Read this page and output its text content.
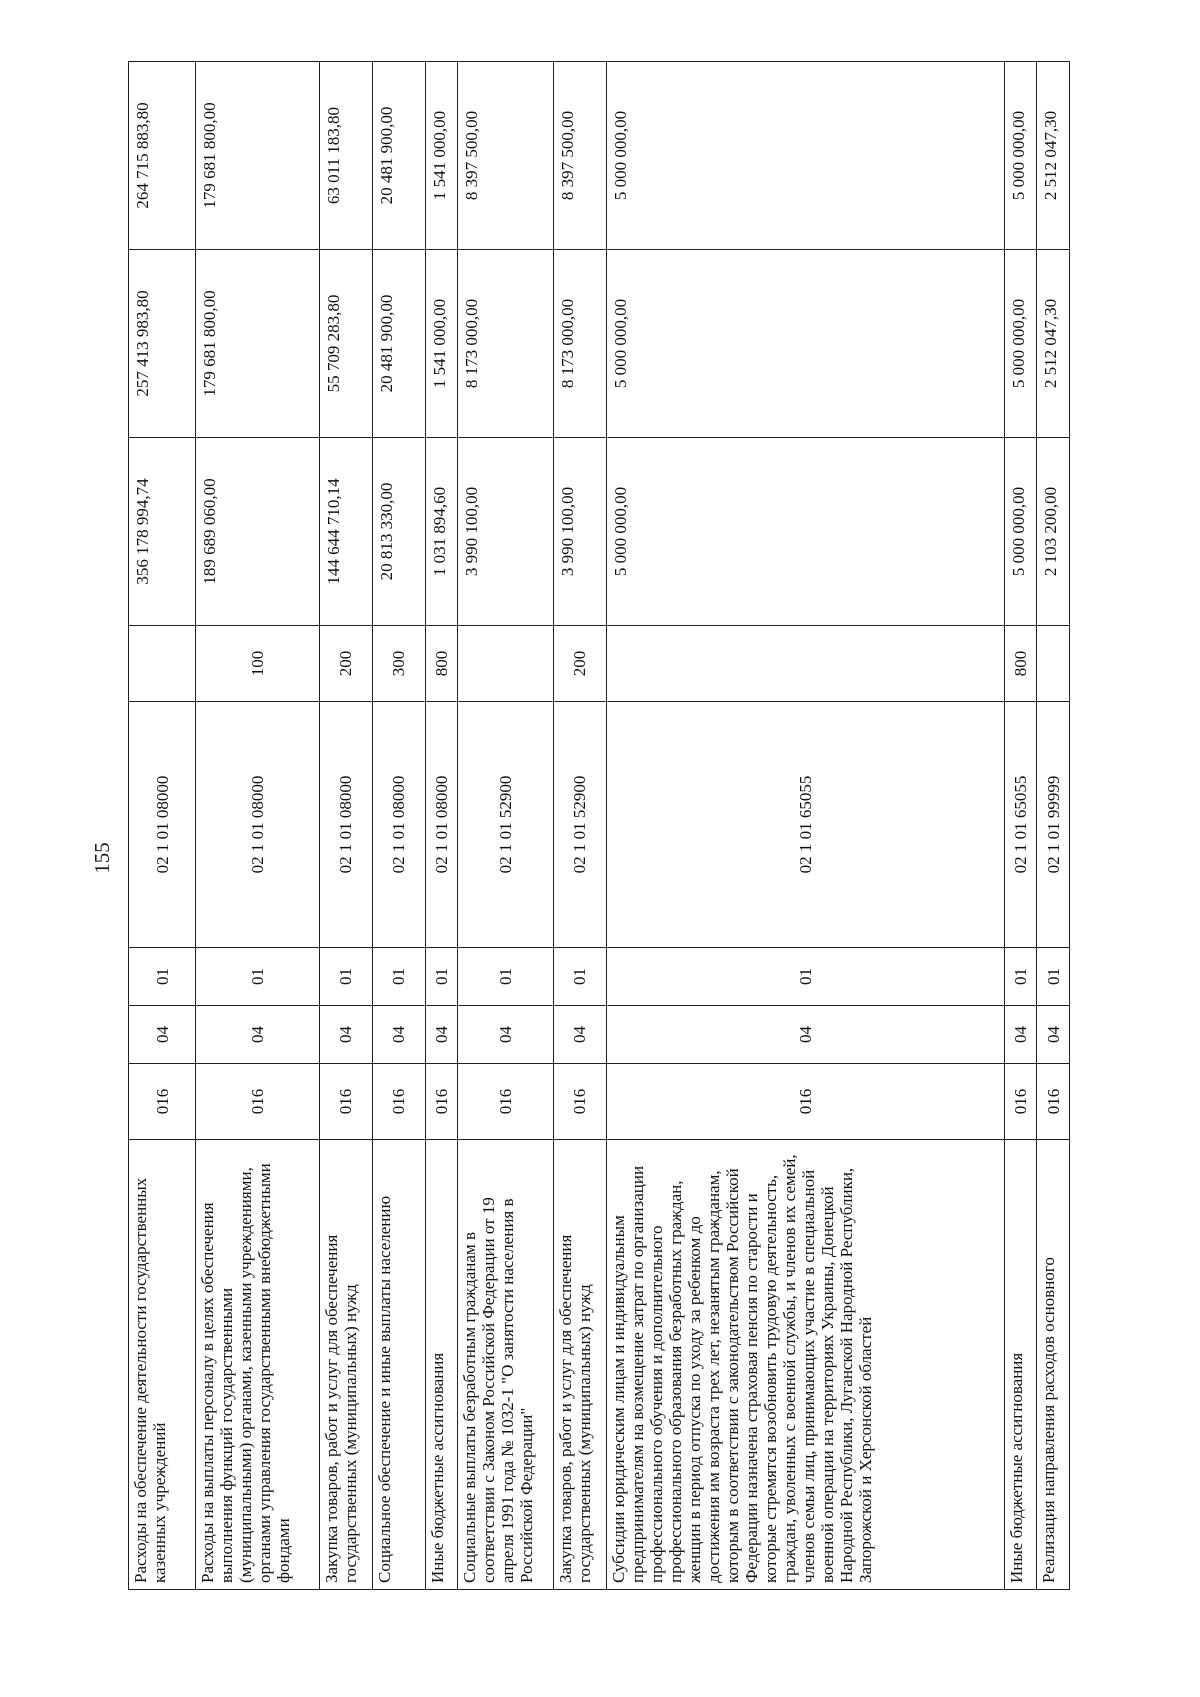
155
Расходы на обеспечение деятельности государственных казенных учреждений	016	04	01	02 1 01 08000		356 178 994,74	257 413 983,80	264 715 883,80
Расходы на выплаты персоналу в целях обеспечения выполнения функций государственными (муниципальными) органами, казенными учреждениями, органами управления государственными внебюджетными фондами	016	04	01	02 1 01 08000	100	189 689 060,00	179 681 800,00	179 681 800,00
Закупка товаров, работ и услуг для обеспечения государственных (муниципальных) нужд	016	04	01	02 1 01 08000	200	144 644 710,14	55 709 283,80	63 011 183,80
Социальное обеспечение и иные выплаты населению	016	04	01	02 1 01 08000	300	20 813 330,00	20 481 900,00	20 481 900,00
Иные бюджетные ассигнования	016	04	01	02 1 01 08000	800	1 031 894,60	1 541 000,00	1 541 000,00
Социальные выплаты безработным гражданам в соответствии с Законом Российской Федерации от 19 апреля 1991 года № 1032-1 "О занятости населения в Российской Федерации"	016	04	01	02 1 01 52900		3 990 100,00	8 173 000,00	8 397 500,00
Закупка товаров, работ и услуг для обеспечения государственных (муниципальных) нужд	016	04	01	02 1 01 52900	200	3 990 100,00	8 173 000,00	8 397 500,00
Субсидии юридическим лицам и индивидуальным предпринимателям на возмещение затрат по организации профессионального обучения и дополнительного профессионального образования безработных граждан, женщин в период отпуска по уходу за ребенком до достижения им возраста трех лет, незанятым гражданам, которым в соответствии с законодательством Российской Федерации назначена страховая пенсия по старости и которые стремятся возобновить трудовую деятельность, граждан, уволенных с военной службы, и членов их семей, членов семьи лиц, принимающих участие в специальной военной операции на территориях Украины, Донецкой Народной Республики, Луганской Народной Республики, Запорожской и Херсонской областей	016	04	01	02 1 01 65055		5 000 000,00	5 000 000,00	5 000 000,00
Иные бюджетные ассигнования	016	04	01	02 1 01 65055	800	5 000 000,00	5 000 000,00	5 000 000,00
Реализация направления расходов основного	016	04	01	02 1 01 99999		2 103 200,00	2 512 047,30	2 512 047,30
